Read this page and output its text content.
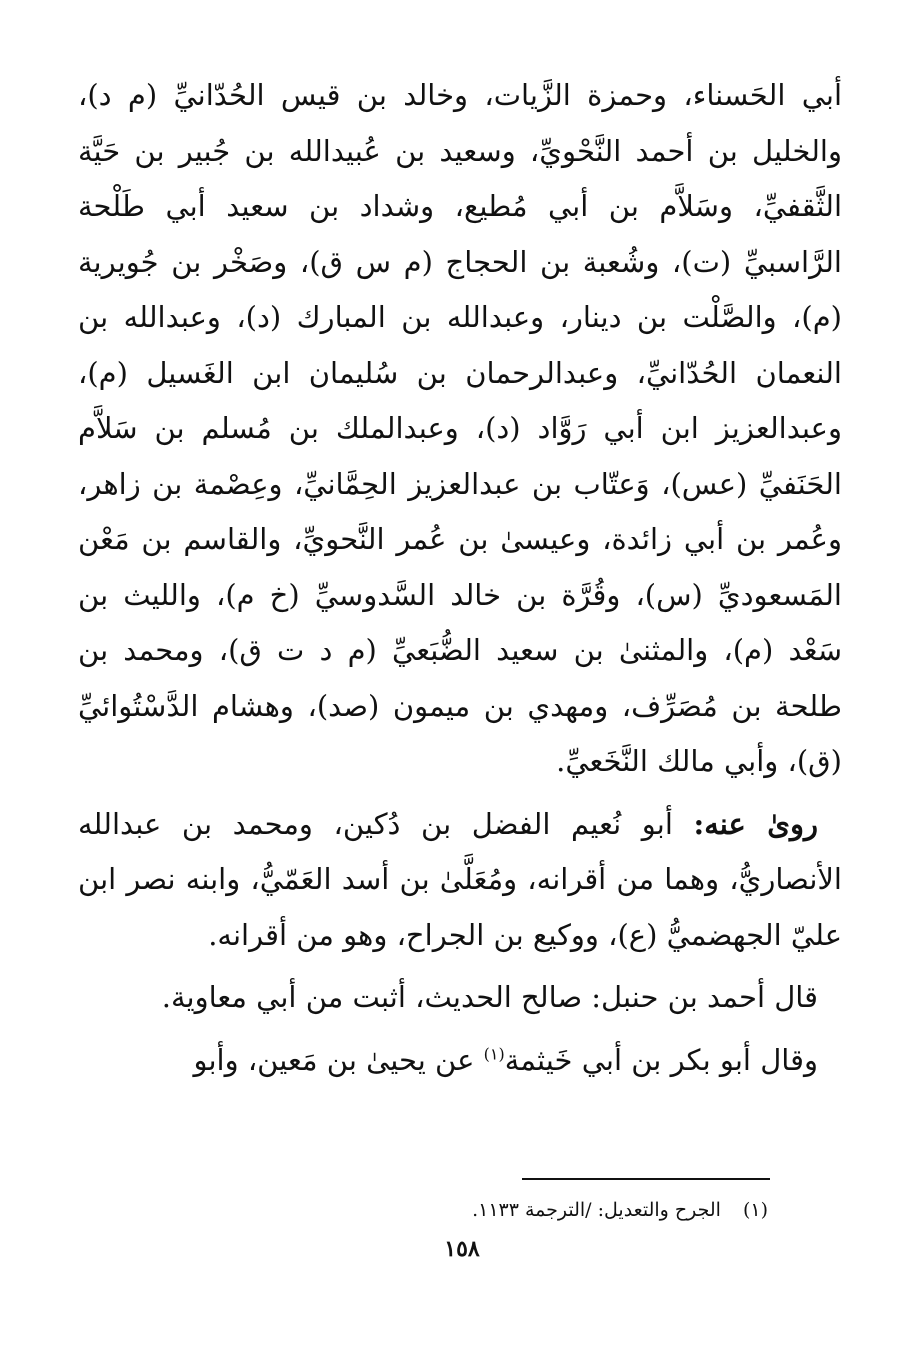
أبي الحَسناء، وحمزة الزَّيات، وخالد بن قيس الحُدّانيِّ (م د)، والخليل بن أحمد النَّحْويِّ، وسعيد بن عُبيدالله بن جُبير بن حَيَّة الثَّقفيِّ، وسَلاَّم بن أبي مُطيع، وشداد بن سعيد أبي طَلْحة الرَّاسبيِّ (ت)، وشُعبة بن الحجاج (م س ق)، وصَخْر بن جُويرية (م)، والصَّلْت بن دينار، وعبدالله بن المبارك (د)، وعبدالله بن النعمان الحُدّانيِّ، وعبدالرحمان بن سُليمان ابن الغَسيل (م)، وعبدالعزيز ابن أبي رَوَّاد (د)، وعبدالملك بن مُسلم بن سَلاَّم الحَنَفيِّ (عس)، وَعتّاب بن عبدالعزيز الحِمَّانيِّ، وعِصْمة بن زاهر، وعُمر بن أبي زائدة، وعيسىٰ بن عُمر النَّحويِّ، والقاسم بن مَعْن المَسعوديِّ (س)، وقُرَّة بن خالد السَّدوسيِّ (خ م)، والليث بن سَعْد (م)، والمثنىٰ بن سعيد الضُّبَعيِّ (م د ت ق)، ومحمد بن طلحة بن مُصَرِّف، ومهدي بن ميمون (صد)، وهشام الدَّسْتُوائيِّ (ق)، وأبي مالك النَّخَعيِّ.

رویٰ عنه: أبو نُعيم الفضل بن دُكين، ومحمد بن عبدالله الأنصاريُّ، وهما من أقرانه، ومُعَلَّىٰ بن أسد العَمّيُّ، وابنه نصر ابن عليّ الجهضميُّ (ع)، ووكيع بن الجراح، وهو من أقرانه.

قال أحمد بن حنبل: صالح الحديث، أثبت من أبي معاوية.

وقال أبو بكر بن أبي خَيثمة$^{(١)}$ عن يحيىٰ بن مَعين، وأبو

(١)الجرح والتعديل: /الترجمة ١١٣٣.
١٥٨
